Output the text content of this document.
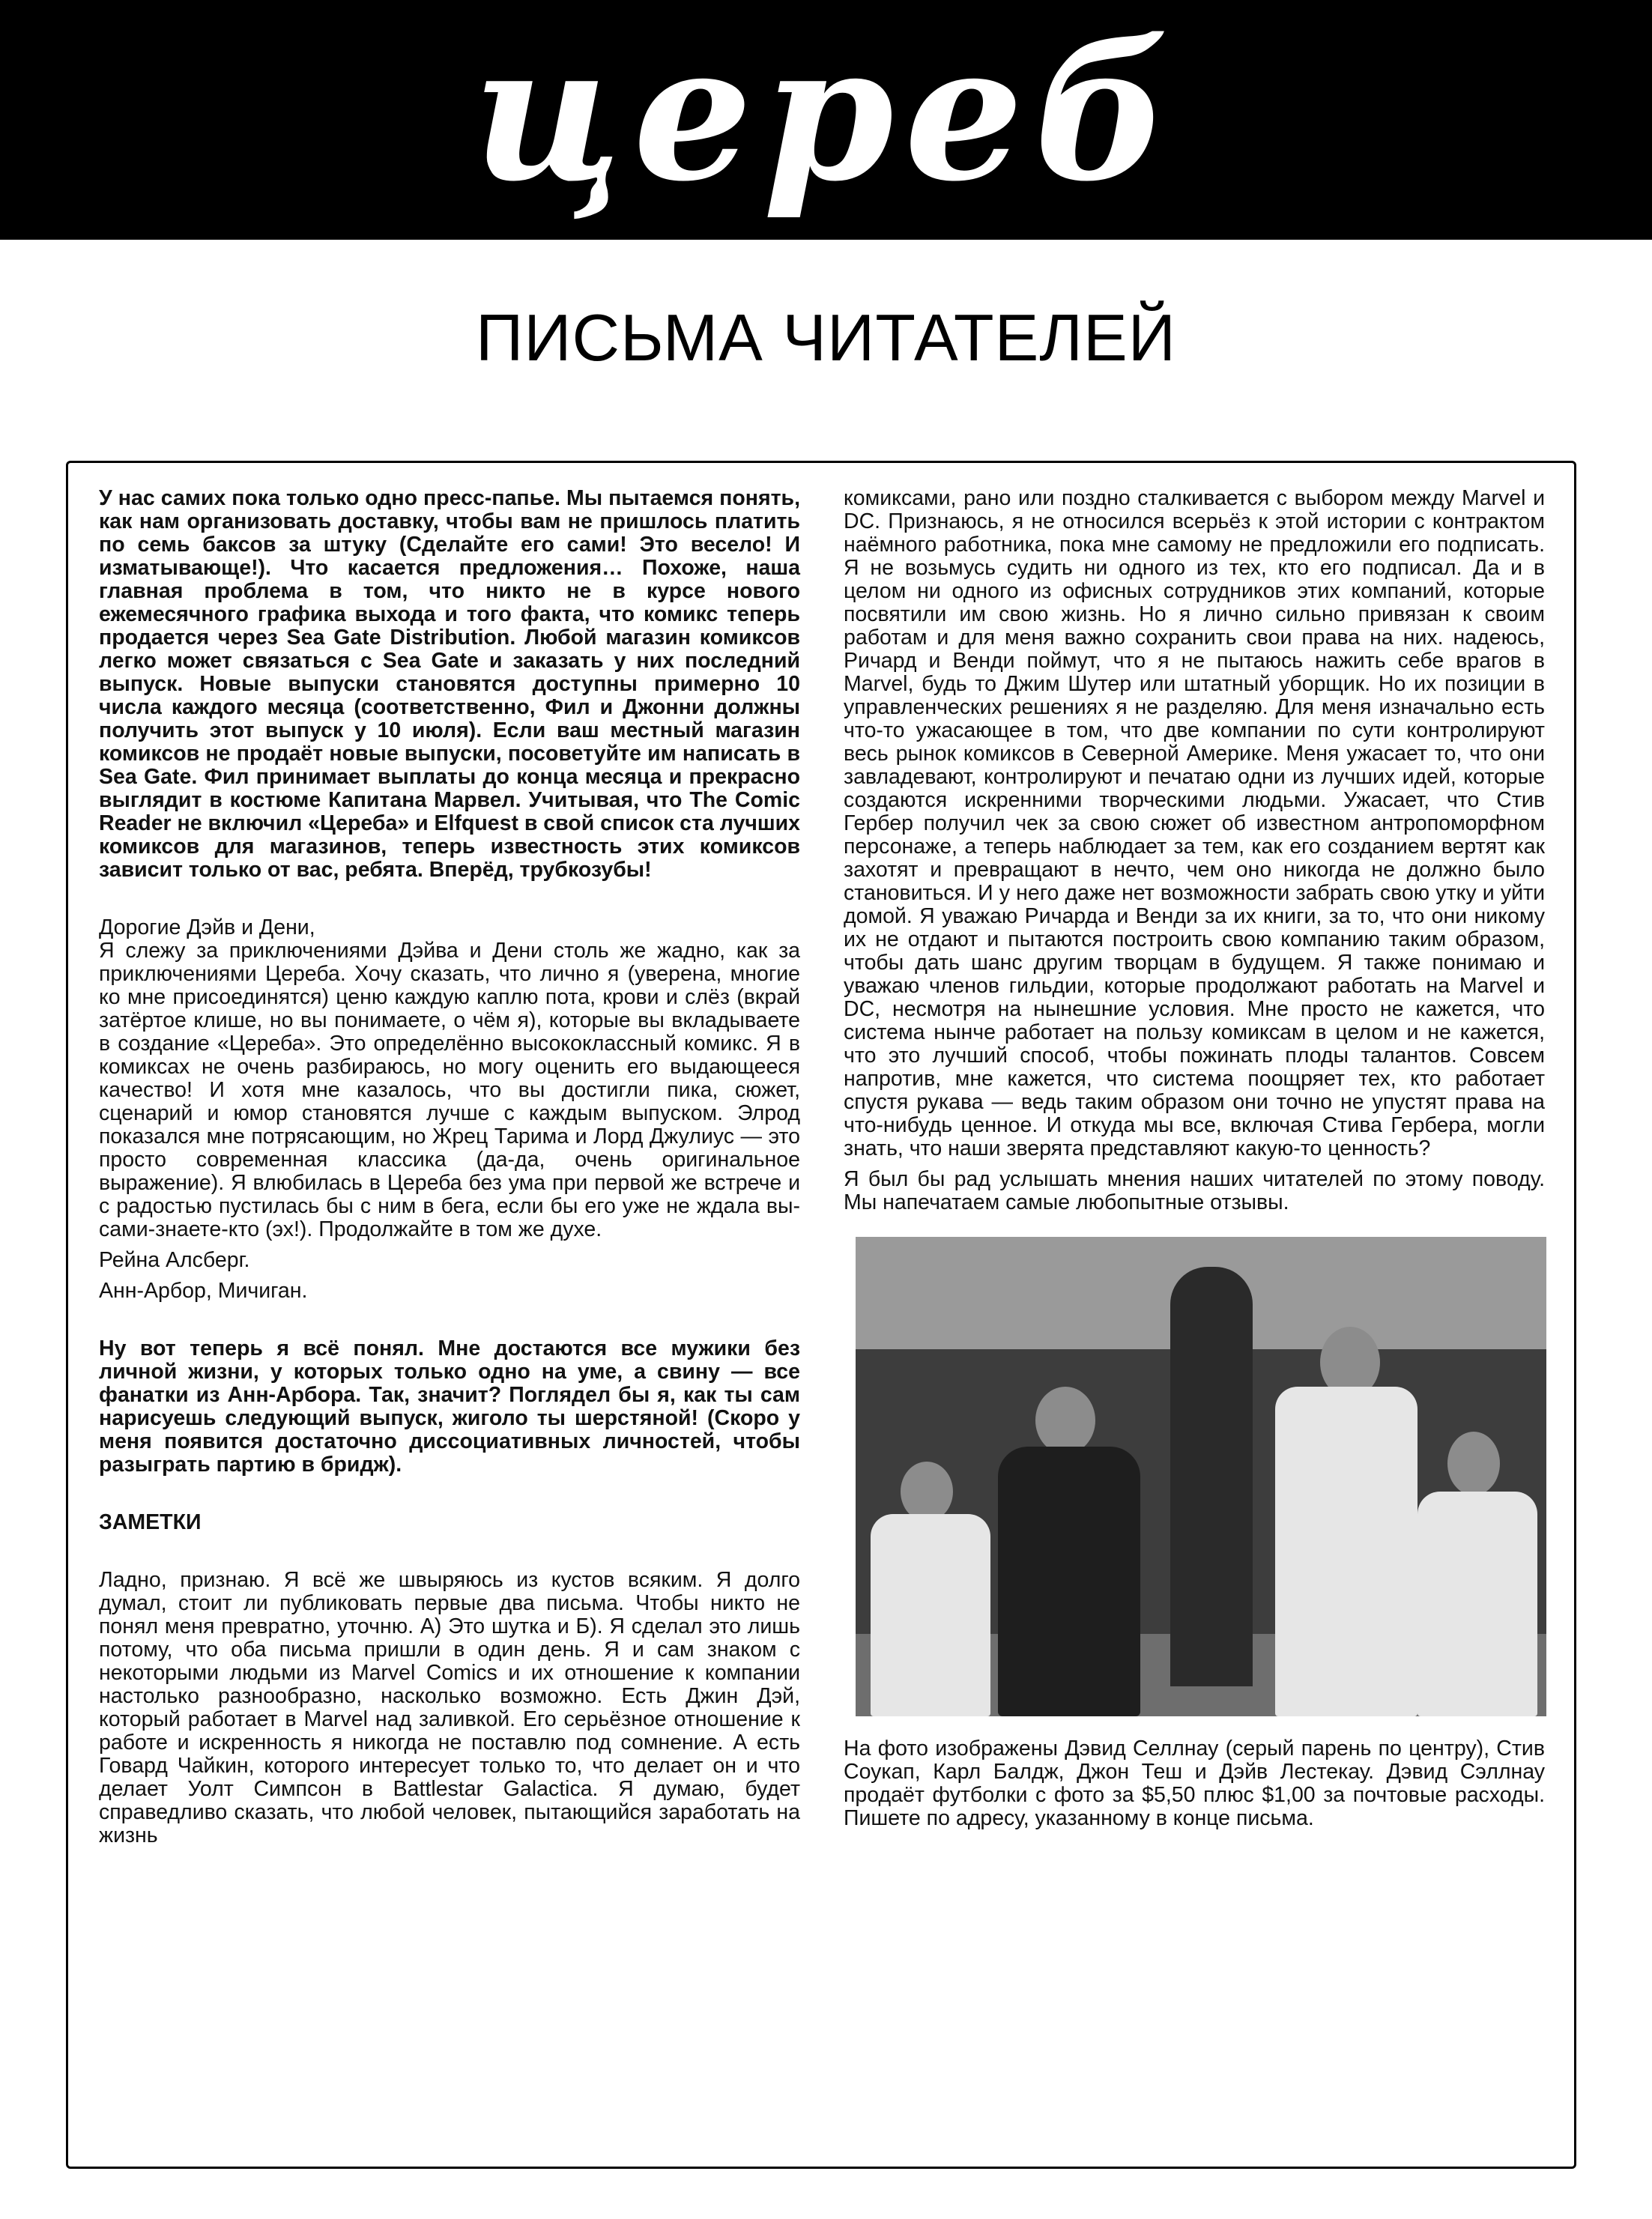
цереб
ПИСЬМА ЧИТАТЕЛЕЙ

У нас самих пока только одно пресс-папье. Мы пытаемся понять, как нам организовать доставку, чтобы вам не пришлось платить по семь баксов за штуку (Сделайте его сами! Это весело! И изматывающе!). Что касается предложения… Похоже, наша главная проблема в том, что никто не в курсе нового ежемесячного графика выхода и того факта, что комикс теперь продается через Sea Gate Distribution. Любой магазин комиксов легко может связаться с Sea Gate и заказать у них последний выпуск. Новые выпуски становятся доступны примерно 10 числа каждого месяца (соответственно, Фил и Джонни должны получить этот выпуск у 10 июля). Если ваш местный магазин комиксов не продаёт новые выпуски, посоветуйте им написать в Sea Gate. Фил принимает выплаты до конца месяца и прекрасно выглядит в костюме Капитана Марвел. Учитывая, что The Comic Reader не включил «Цереба» и Elfquest в свой список ста лучших комиксов для магазинов, теперь известность этих комиксов зависит только от вас, ребята. Вперёд, трубкозубы!

Дорогие Дэйв и Дени,

Я слежу за приключениями Дэйва и Дени столь же жадно, как за приключениями Цереба. Хочу сказать, что лично я (уверена, многие ко мне присоединятся) ценю каждую каплю пота, крови и слёз (вкрай затёртое клише, но вы понимаете, о чём я), которые вы вкладываете в создание «Цереба». Это определённо высококлассный комикс. Я в комиксах не очень разбираюсь, но могу оценить его выдающееся качество! И хотя мне казалось, что вы достигли пика, сюжет, сценарий и юмор становятся лучше с каждым выпуском. Элрод показался мне потрясающим, но Жрец Тарима и Лорд Джулиус — это просто современная классика (да-да, очень оригинальное выражение). Я влюбилась в Цереба без ума при первой же встрече и с радостью пустилась бы с ним в бега, если бы его уже не ждала вы-сами-знаете-кто (эх!). Продолжайте в том же духе.

Рейна Алсберг.

Анн-Арбор, Мичиган.

Ну вот теперь я всё понял. Мне достаются все мужики без личной жизни, у которых только одно на уме, а свину — все фанатки из Анн-Арбора. Так, значит? Поглядел бы я, как ты сам нарисуешь следующий выпуск, жиголо ты шерстяной! (Скоро у меня появится достаточно диссоциативных личностей, чтобы разыграть партию в бридж).

ЗАМЕТКИ

Ладно, признаю. Я всё же швыряюсь из кустов всяким. Я долго думал, стоит ли публиковать первые два письма. Чтобы никто не понял меня превратно, уточню. А) Это шутка и Б). Я сделал это лишь потому, что оба письма пришли в один день. Я и сам знаком с некоторыми людьми из Marvel Comics и их отношение к компании настолько разнообразно, насколько возможно. Есть Джин Дэй, который работает в Marvel над заливкой. Его серьёзное отношение к работе и искренность я никогда не поставлю под сомнение. А есть Говард Чайкин, которого интересует только то, что делает он и что делает Уолт Симпсон в Battlestar Galactica. Я думаю, будет справедливо сказать, что любой человек, пытающийся заработать на жизнь

комиксами, рано или поздно сталкивается с выбором между Marvel и DC. Признаюсь, я не относился всерьёз к этой истории с контрактом наёмного работника, пока мне самому не предложили его подписать. Я не возьмусь судить ни одного из тех, кто его подписал. Да и в целом ни одного из офисных сотрудников этих компаний, которые посвятили им свою жизнь. Но я лично сильно привязан к своим работам и для меня важно сохранить свои права на них. надеюсь, Ричард и Венди поймут, что я не пытаюсь нажить себе врагов в Marvel, будь то Джим Шутер или штатный уборщик. Но их позиции в управленческих решениях я не разделяю. Для меня изначально есть что-то ужасающее в том, что две компании по сути контролируют весь рынок комиксов в Северной Америке. Меня ужасает то, что они завладевают, контролируют и печатаю одни из лучших идей, которые создаются искренними творческими людьми. Ужасает, что Стив Гербер получил чек за свою сюжет об известном антропоморфном персонаже, а теперь наблюдает за тем, как его созданием вертят как захотят и превращают в нечто, чем оно никогда не должно было становиться. И у него даже нет возможности забрать свою утку и уйти домой. Я уважаю Ричарда и Венди за их книги, за то, что они никому их не отдают и пытаются построить свою компанию таким образом, чтобы дать шанс другим творцам в будущем. Я также понимаю и уважаю членов гильдии, которые продолжают работать на Marvel и DC, несмотря на нынешние условия. Мне просто не кажется, что система нынче работает на пользу комиксам в целом и не кажется, что это лучший способ, чтобы пожинать плоды талантов. Совсем напротив, мне кажется, что система поощряет тех, кто работает спустя рукава — ведь таким образом они точно не упустят права на что-нибудь ценное. И откуда мы все, включая Стива Гербера, могли знать, что наши зверята представляют какую-то ценность?

Я был бы рад услышать мнения наших читателей по этому поводу. Мы напечатаем самые любопытные отзывы.

На фото изображены Дэвид Селлнау (серый парень по центру), Стив Соукап, Карл Балдж, Джон Теш и Дэйв Лестекау. Дэвид Сэллнау продаёт футболки с фото за $5,50 плюс $1,00 за почтовые расходы. Пишете по адресу, указанному в конце письма.
